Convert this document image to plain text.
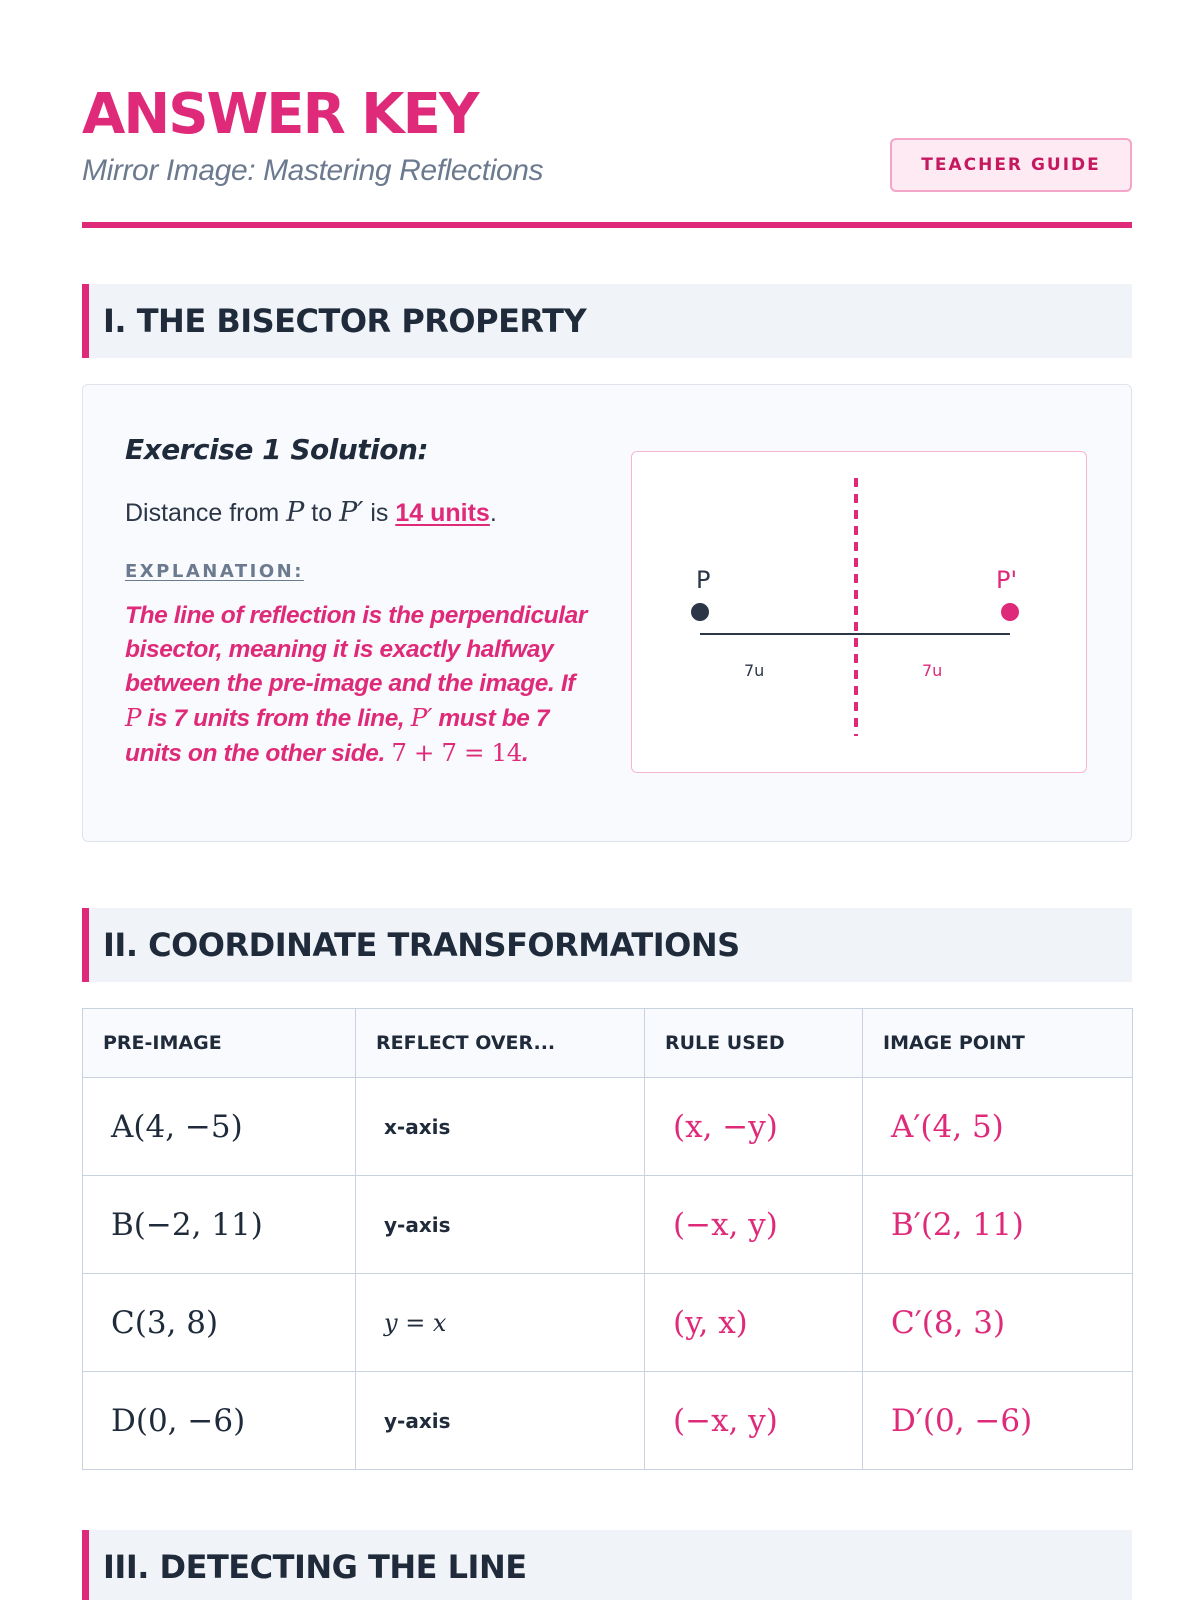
ANSWER KEY
Mirror Image: Mastering Reflections	TEACHER GUIDE
I. THE BISECTOR PROPERTY
Exercise 1 Solution:
Distance from P to P′ is 14 units.
EXPLANATION:
The line of reflection is the perpendicular bisector, meaning it is exactly halfway between the pre-image and the image. If P is 7 units from the line, P′ must be 7 units on the other side. 7 + 7 = 14.
P	P'
7u	7u
II. COORDINATE TRANSFORMATIONS
PRE-IMAGE	REFLECT OVER...	RULE USED	IMAGE POINT
A(4, −5)	x-axis	(x, −y)	A′(4, 5)
B(−2, 11)	y-axis	(−x, y)	B′(2, 11)
C(3, 8)	y = x	(y, x)	C′(8, 3)
D(0, −6)	y-axis	(−x, y)	D′(0, −6)
III. DETECTING THE LINE
